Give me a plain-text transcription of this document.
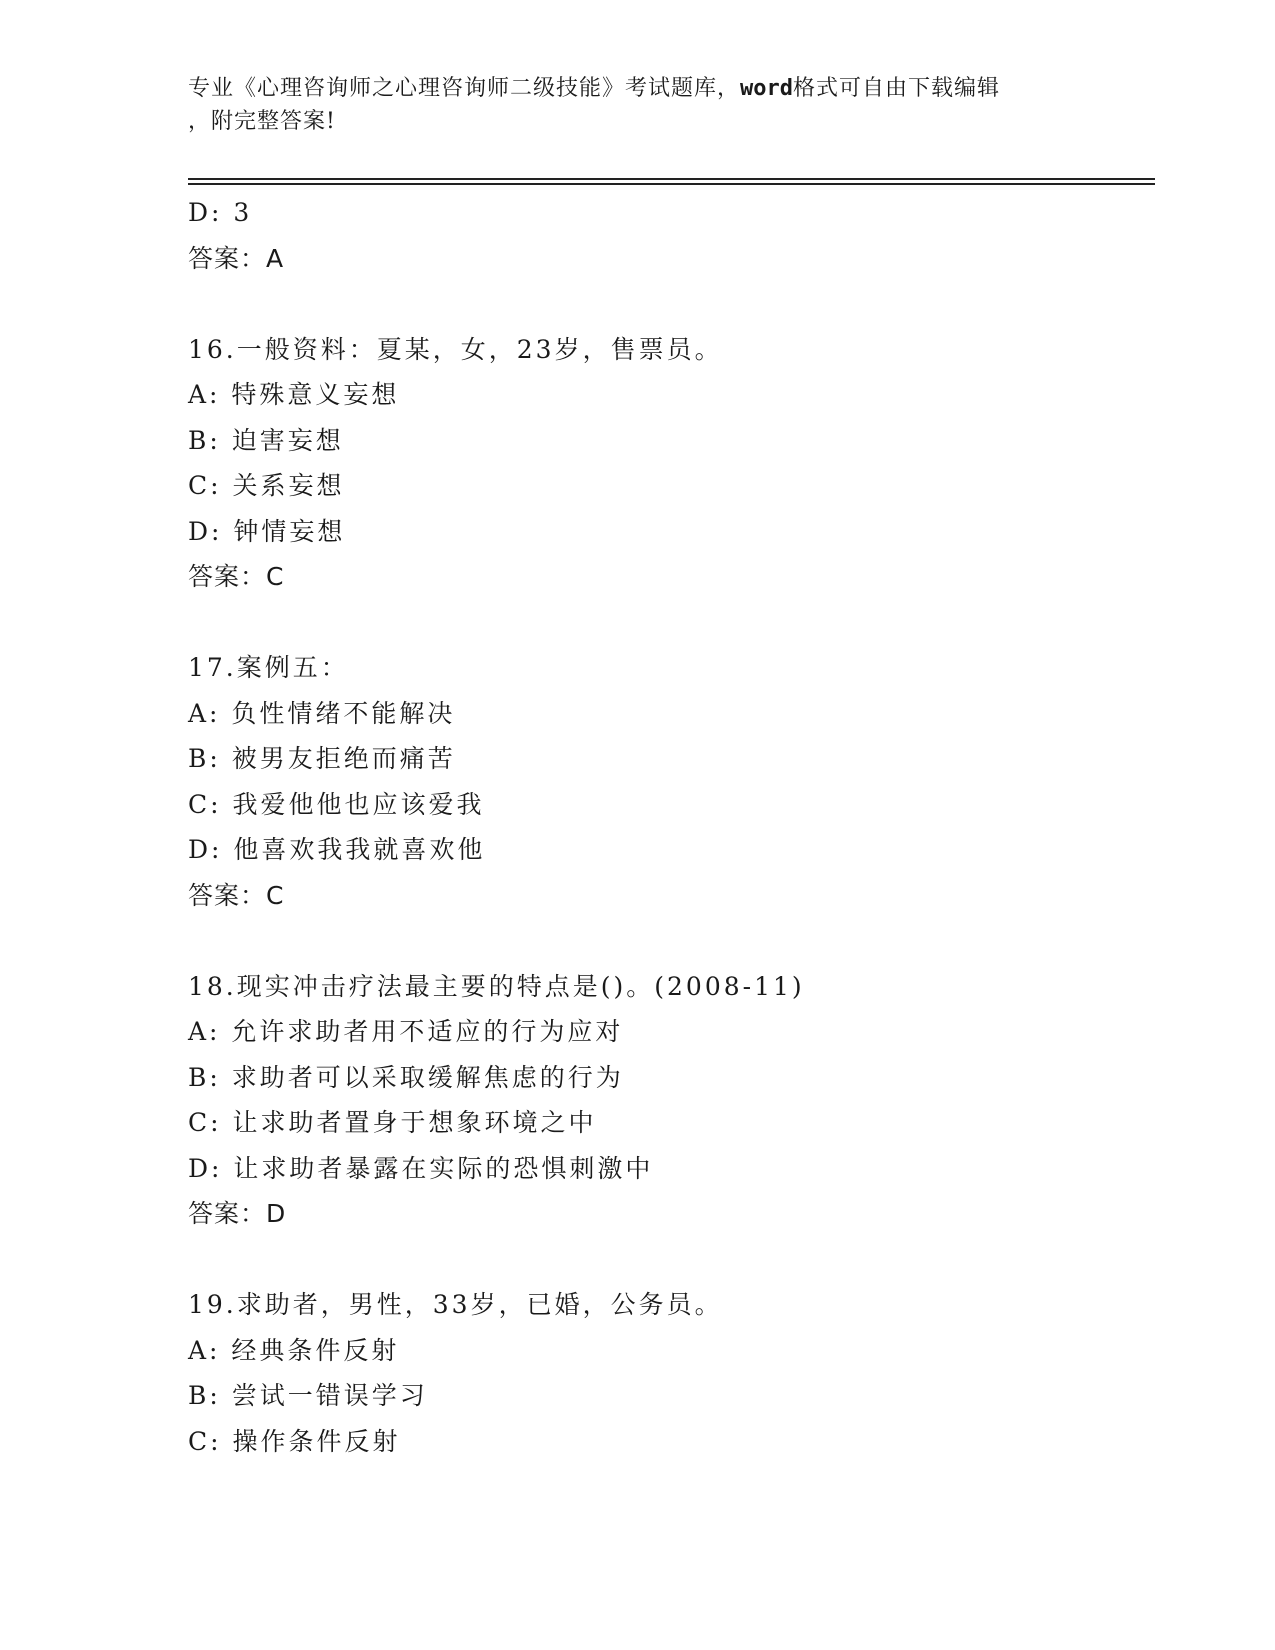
专业《心理咨询师之心理咨询师二级技能》考试题库，word格式可自由下载编辑
，附完整答案!
D: 3
答案：A
16.一般资料：夏某，女，23岁，售票员。
A: 特殊意义妄想
B: 迫害妄想
C: 关系妄想
D: 钟情妄想
答案：C
17.案例五：
A: 负性情绪不能解决
B: 被男友拒绝而痛苦
C: 我爱他他也应该爱我
D: 他喜欢我我就喜欢他
答案：C
18.现实冲击疗法最主要的特点是()。(2008-11)
A: 允许求助者用不适应的行为应对
B: 求助者可以采取缓解焦虑的行为
C: 让求助者置身于想象环境之中
D: 让求助者暴露在实际的恐惧刺激中
答案：D
19.求助者，男性，33岁，已婚，公务员。
A: 经典条件反射
B: 尝试一错误学习
C: 操作条件反射
